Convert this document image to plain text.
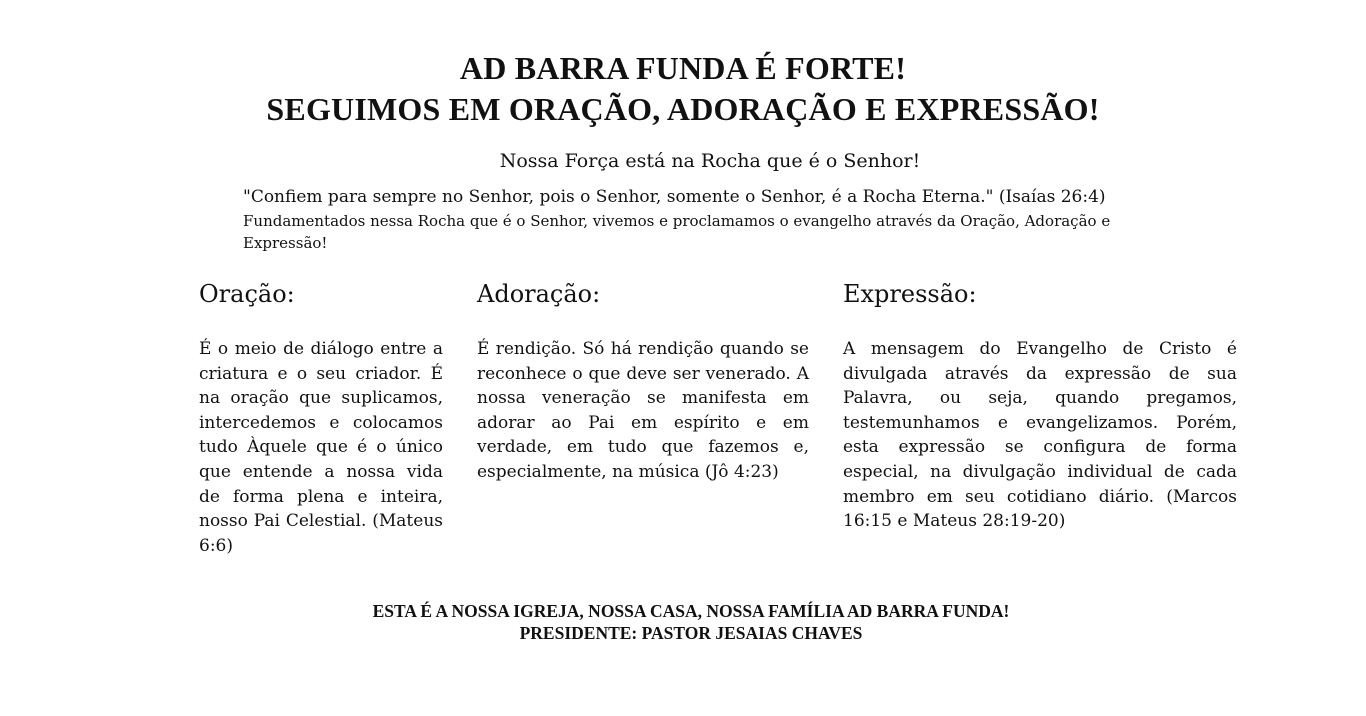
AD BARRA FUNDA É FORTE!
SEGUIMOS EM ORAÇÃO, ADORAÇÃO E EXPRESSÃO!

Nossa Força está na Rocha que é o Senhor!

"Confiem para sempre no Senhor, pois o Senhor, somente o Senhor, é a Rocha Eterna." (Isaías 26:4)

Fundamentados nessa Rocha que é o Senhor, vivemos e proclamamos o evangelho através da Oração, Adoração e Expressão!

Oração:

É o meio de diálogo entre a criatura e o seu criador. É na oração que suplicamos, intercedemos e colocamos tudo Àquele que é o único que entende a nossa vida de forma plena e inteira, nosso Pai Celestial. (Mateus 6:6)

Adoração:

É rendição. Só há rendição quando se reconhece o que deve ser venerado. A nossa veneração se manifesta em adorar ao Pai em espírito e em verdade, em tudo que fazemos e, especialmente, na música (Jô 4:23)

Expressão:

A mensagem do Evangelho de Cristo é divulgada através da expressão de sua Palavra, ou seja, quando pregamos, testemunhamos e evangelizamos. Porém, esta expressão se configura de forma especial, na divulgação individual de cada membro em seu cotidiano diário. (Marcos 16:15 e Mateus 28:19-20)

ESTA É A NOSSA IGREJA, NOSSA CASA, NOSSA FAMÍLIA AD BARRA FUNDA!

PRESIDENTE: PASTOR JESAIAS CHAVES
